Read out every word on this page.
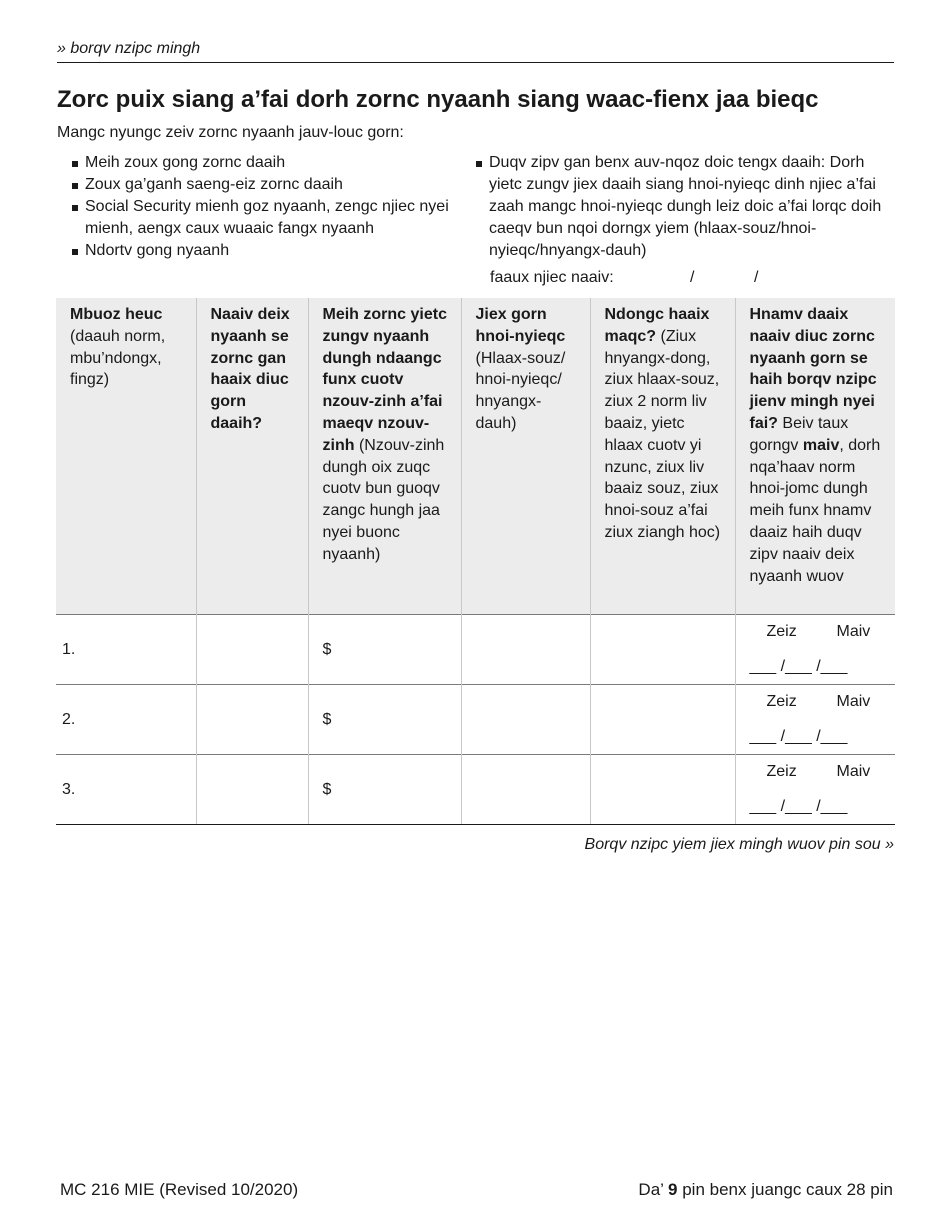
» borqv nzipc mingh
Zorc puix siang a’fai dorh zornc nyaanh siang waac-fienx jaa bieqc
Mangc nyungc zeiv zornc nyaanh jauv-louc gorn:
Meih zoux gong zornc daaih
Zoux ga’ganh saeng-eiz zornc daaih
Social Security mienh goz nyaanh, zengc njiec nyei mienh, aengx caux wuaaic fangx nyaanh
Ndortv gong nyaanh
Duqv zipv gan benx auv-nqoz doic tengx daaih: Dorh yietc zungv jiex daaih siang hnoi-nyieqc dinh njiec a’fai zaah mangc hnoi-nyieqc dungh leiz doic a’fai lorqc doih caeqv bun nqoi dorngx yiem (hlaax-souz/hnoi-nyieqc/hnyangx-dauh)
faaux njiec naaiv:	/	/
Mbuoz heuc (daauh norm, mbu’ndongx, fingz)	Naaiv deix nyaanh se zornc gan haaix diuc gorn daaih?	Meih zornc yietc zungv nyaanh dungh ndaangc funx cuotv nzouv-zinh a’fai maeqv nzouv-zinh (Nzouv-zinh dungh oix zuqc cuotv bun guoqv zangc hungh jaa nyei buonc nyaanh)	Jiex gorn hnoi-nyieqc (Hlaax-souz/ hnoi-nyieqc/ hnyangx-dauh)	Ndongc haaix maqc? (Ziux hnyangx-dong, ziux hlaax-souz, ziux 2 norm liv baaiz, yietc hlaax cuotv yi nzunc, ziux liv baaiz souz, ziux hnoi-souz a’fai ziux ziangh hoc)	Hnamv daaix naaiv diuc zornc nyaanh gorn se haih borqv nzipc jienv mingh nyei fai? Beiv taux gorngv maiv, dorh nqa’haav norm hnoi-jomc dungh meih funx hnamv daaiz haih duqv zipv naaiv deix nyaanh wuov
1.		$			Zeiz Maiv
___ /___ /___

2.		$			Zeiz Maiv
___ /___ /___

3.		$			Zeiz Maiv
___ /___ /___
Borqv nzipc yiem jiex mingh wuov pin sou »
MC 216 MIE (Revised 10/2020)	Da’ 9 pin benx juangc caux 28 pin
